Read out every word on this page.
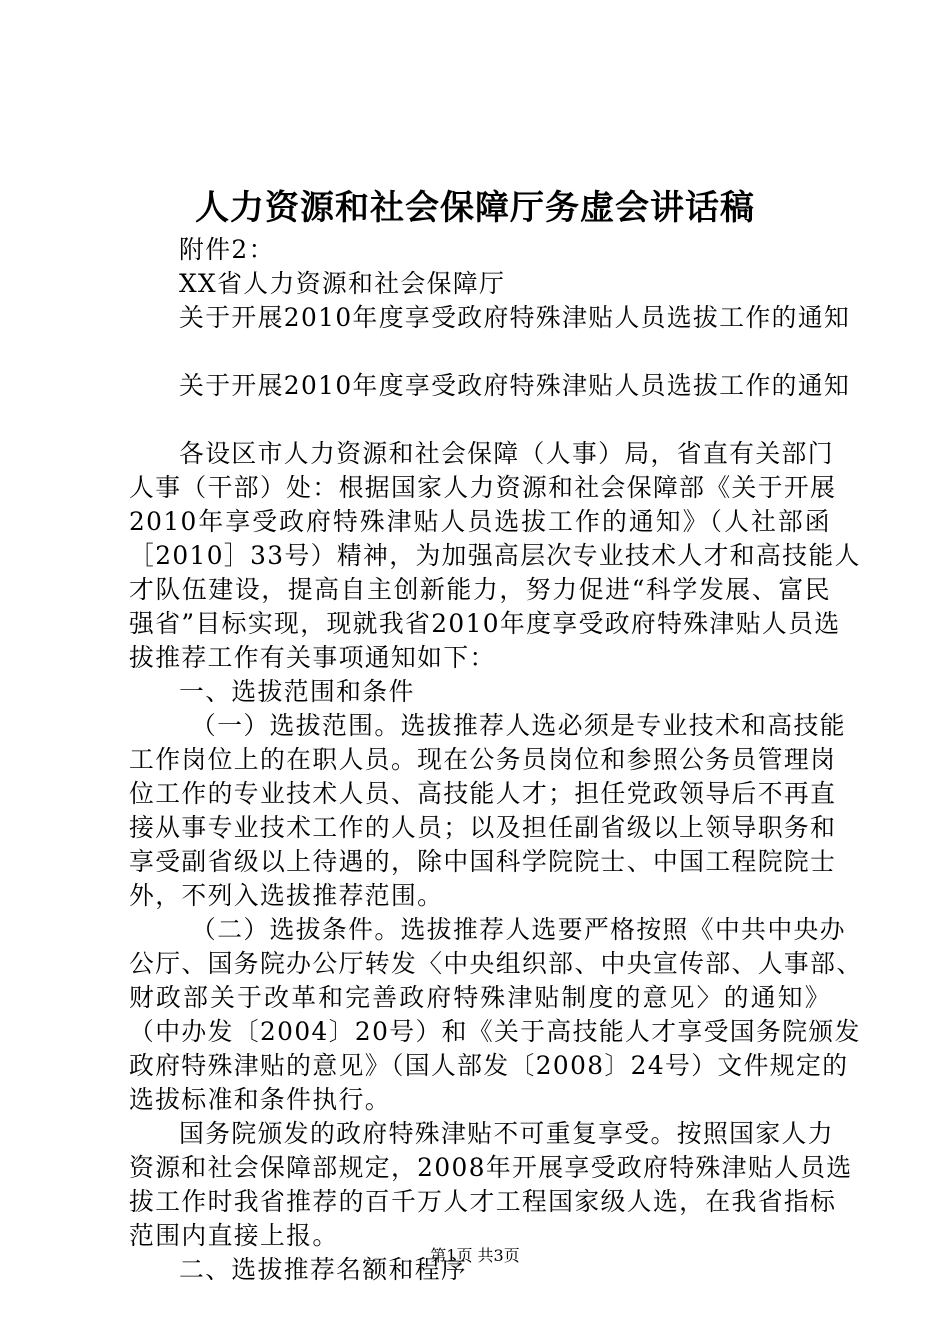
人力资源和社会保障厅务虚会讲话稿
附件2：
XX省人力资源和社会保障厅
关于开展2010年度享受政府特殊津贴人员选拔工作的通知
关于开展2010年度享受政府特殊津贴人员选拔工作的通知
各设区市人力资源和社会保障（人事）局，省直有关部门
人事（干部）处：根据国家人力资源和社会保障部《关于开展
2010年享受政府特殊津贴人员选拔工作的通知》（人社部函
［2010］33号）精神，为加强高层次专业技术人才和高技能人
才队伍建设，提高自主创新能力，努力促进“科学发展、富民
强省”目标实现，现就我省2010年度享受政府特殊津贴人员选
拔推荐工作有关事项通知如下：
一、选拔范围和条件
（一）选拔范围。选拔推荐人选必须是专业技术和高技能
工作岗位上的在职人员。现在公务员岗位和参照公务员管理岗
位工作的专业技术人员、高技能人才；担任党政领导后不再直
接从事专业技术工作的人员；以及担任副省级以上领导职务和
享受副省级以上待遇的，除中国科学院院士、中国工程院院士
外，不列入选拔推荐范围。
（二）选拔条件。选拔推荐人选要严格按照《中共中央办
公厅、国务院办公厅转发〈中央组织部、中央宣传部、人事部、
财政部关于改革和完善政府特殊津贴制度的意见〉的通知》
（中办发〔2004〕20号）和《关于高技能人才享受国务院颁发
政府特殊津贴的意见》（国人部发〔2008〕24号）文件规定的
选拔标准和条件执行。
国务院颁发的政府特殊津贴不可重复享受。按照国家人力
资源和社会保障部规定，2008年开展享受政府特殊津贴人员选
拔工作时我省推荐的百千万人才工程国家级人选，在我省指标
范围内直接上报。
二、选拔推荐名额和程序
第1页 共3页
